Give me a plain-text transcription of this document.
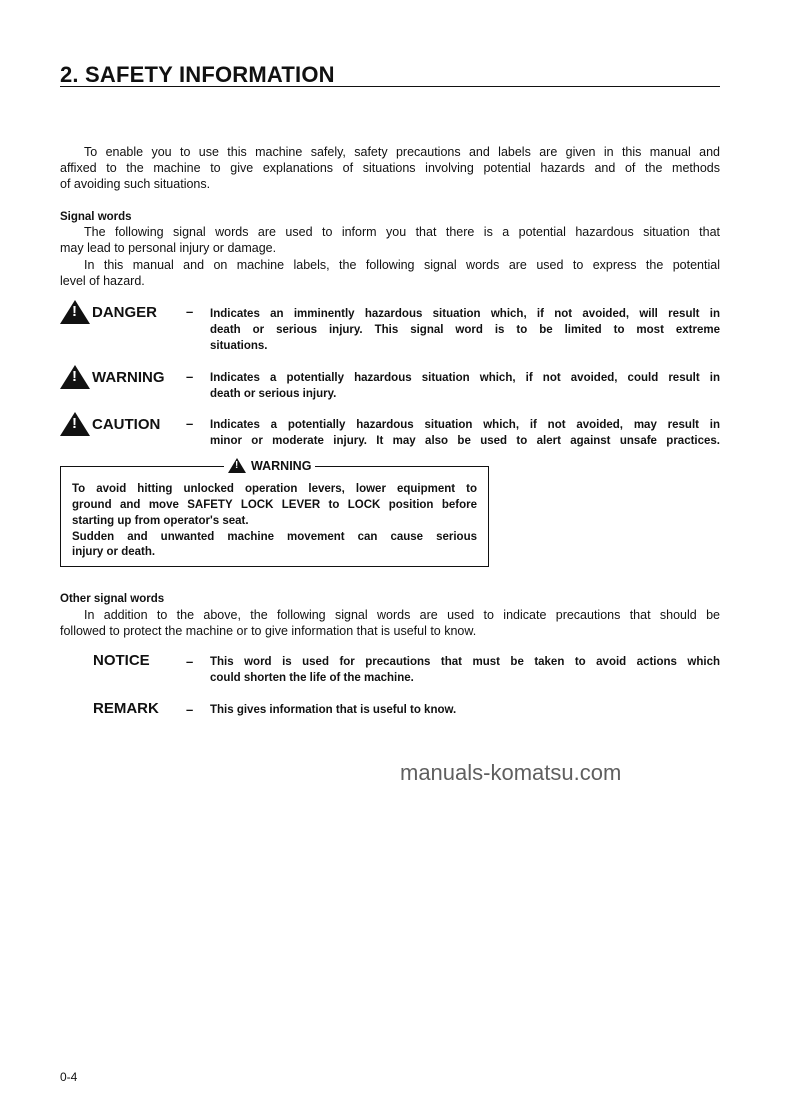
2. SAFETY INFORMATION
To enable you to use this machine safely, safety precautions and labels are given in this manual and
affixed to the machine to give explanations of situations involving potential hazards and of the methods
of avoiding such situations.
Signal words
The following signal words are used to inform you that there is a potential hazardous situation that
may lead to personal injury or damage.
In this manual and on machine labels, the following signal words are used to express the potential
level of hazard.
!
DANGER – Indicates an imminently hazardous situation which, if not avoided, will result in
death or serious injury. This signal word is to be limited to most extreme
situations.
!
WARNING – Indicates a potentially hazardous situation which, if not avoided, could result in
death or serious injury.
!
CAUTION – Indicates a potentially hazardous situation which, if not avoided, may result in
minor or moderate injury. It may also be used to alert against unsafe practices.
!
WARNING
To avoid hitting unlocked operation levers, lower equipment to
ground and move SAFETY LOCK LEVER to LOCK position before
starting up from operator's seat.
Sudden and unwanted machine movement can cause serious
injury or death.
Other signal words
In addition to the above, the following signal words are used to indicate precautions that should be
followed to protect the machine or to give information that is useful to know.
NOTICE	– This word is used for precautions that must be taken to avoid actions which
could shorten the life of the machine.
REMARK – This gives information that is useful to know.
manuals-komatsu.com
0-4
